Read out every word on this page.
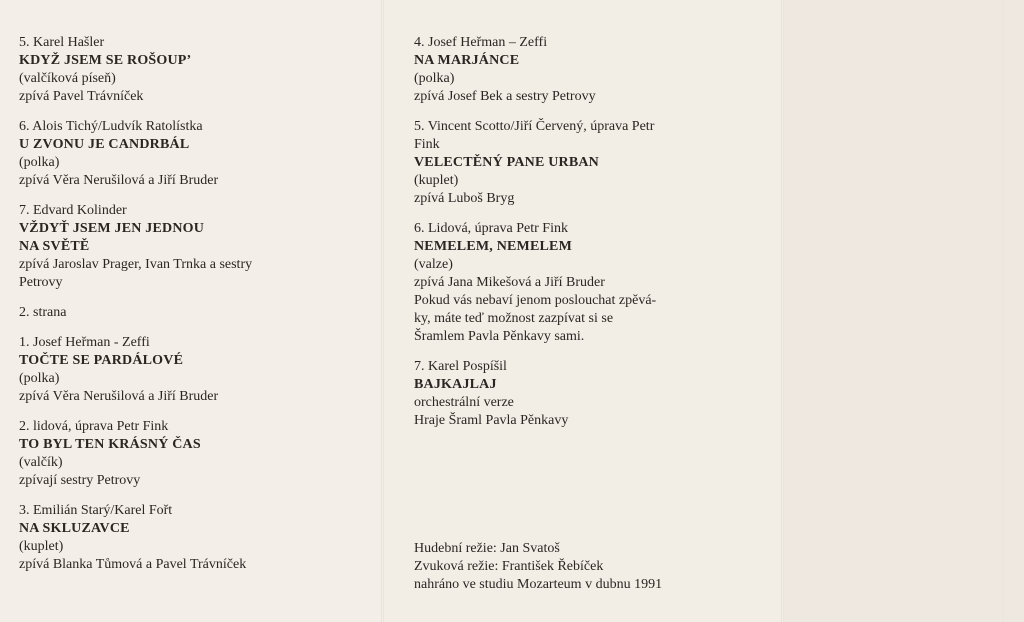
5. Karel Hašler
KDYŽ JSEM SE ROŠOUP’
(valčíková píseň)
zpívá Pavel Trávníček
6. Alois Tichý/Ludvík Ratolístka
U ZVONU JE CANDRBÁL
(polka)
zpívá Věra Nerušilová a Jiří Bruder
7. Edvard Kolinder
VŽDYŤ JSEM JEN JEDNOU
NA SVĚTĚ
zpívá Jaroslav Prager, Ivan Trnka a sestry
Petrovy
2. strana
1. Josef Heřman - Zeffi
TOČTE SE PARDÁLOVÉ
(polka)
zpívá Věra Nerušilová a Jiří Bruder
2. lidová, úprava Petr Fink
TO BYL TEN KRÁSNÝ ČAS
(valčík)
zpívají sestry Petrovy
3. Emilián Starý/Karel Fořt
NA SKLUZAVCE
(kuplet)
zpívá Blanka Tůmová a Pavel Trávníček
4. Josef Heřman – Zeffi
NA MARJÁNCE
(polka)
zpívá Josef Bek a sestry Petrovy
5. Vincent Scotto/Jiří Červený, úprava Petr
Fink
VELECTĚNÝ PANE URBAN
(kuplet)
zpívá Luboš Bryg
6. Lidová, úprava Petr Fink
NEMELEM, NEMELEM
(valze)
zpívá Jana Mikešová a Jiří Bruder
Pokud vás nebaví jenom poslouchat zpěvá-
ky, máte teď možnost zazpívat si se
Šramlem Pavla Pěnkavy sami.
7. Karel Pospíšil
BAJKAJLAJ
orchestrální verze
Hraje Šraml Pavla Pěnkavy
Hudební režie: Jan Svatoš
Zvuková režie: František Řebíček
nahráno ve studiu Mozarteum v dubnu 1991
